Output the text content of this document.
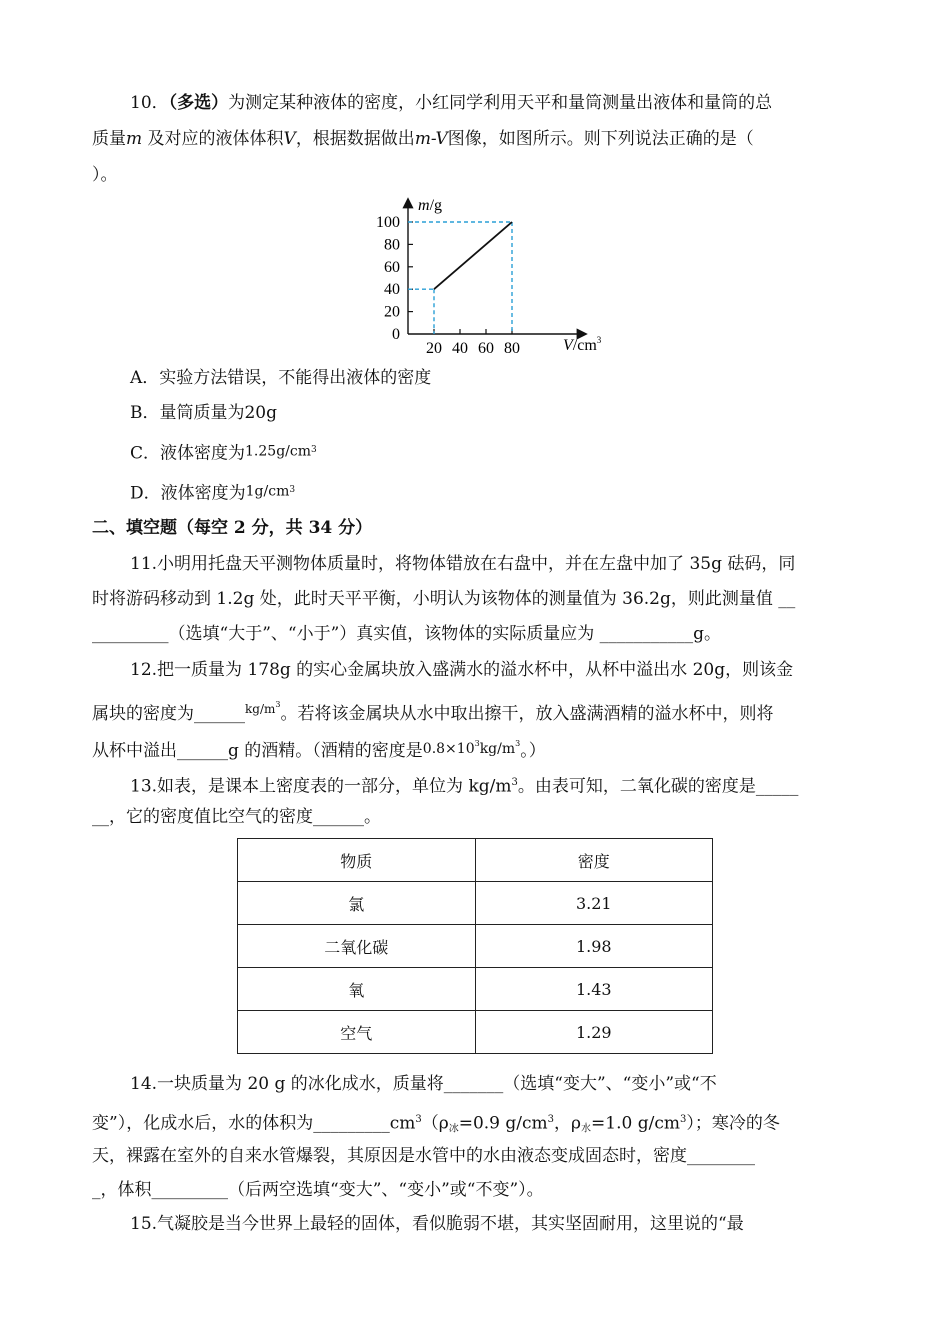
10．（多选）为测定某种液体的密度，小红同学利用天平和量筒测量出液体和量筒的总
质量m 及对应的液体体积V，根据数据做出m-V图像，如图所示。则下列说法正确的是（
）。
m/g
$V/cm^3$
0
20
40
60
80
100
20 40 60 80
A．实验方法错误，不能得出液体的密度
B．量筒质量为20g
C．液体密度为$1.25g/cm^3$
D．液体密度为$1g/cm^3$
二、填空题（每空 2 分，共 34 分）
11.小明用托盘天平测物体质量时，将物体错放在右盘中，并在左盘中加了 35g 砝码，同
时将游码移动到 1.2g 处，此时天平平衡，小明认为该物体的测量值为 36.2g，则此测量值 __
_________（选填“大于”、“小于”）真实值，该物体的实际质量应为 ___________g。
12.把一质量为 178g 的实心金属块放入盛满水的溢水杯中，从杯中溢出水 20g，则该金
属块的密度为______$^{kg/m3}$。若将该金属块从水中取出擦干，放入盛满酒精的溢水杯中，则将
从杯中溢出______g 的酒精。（酒精的密度是$0.8\times 10^3kg/m^3$。）
13.如表，是课本上密度表的一部分，单位为 $kg/m^3$。由表可知，二氧化碳的密度是_____
__，它的密度值比空气的密度______。
物质	密度
氯	3.21
二氧化碳	1.98
氧	1.43
空气	1.29
14.一块质量为 20 g 的冰化成水，质量将_______（选填“变大”、“变小”或“不
变”），化成水后，水的体积为$\_\_\_\_\_\_\_\_\_cm^3(\rho$冰=0.9 $g/cm^3$，ρ水=1.0 $g/cm^3$）；寒冷的冬
天，裸露在室外的自来水管爆裂，其原因是水管中的水由液态变成固态时，密度________
_，体积_________（后两空选填“变大”、“变小”或“不变”）。
15.气凝胶是当今世界上最轻的固体，看似脆弱不堪，其实坚固耐用，这里说的“最
